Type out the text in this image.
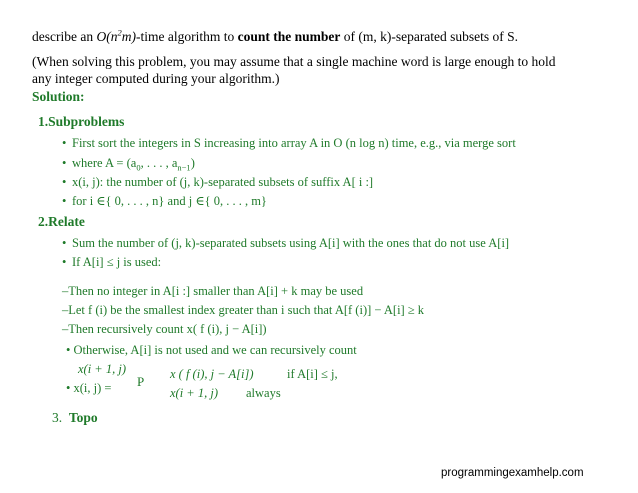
describe an $O(n^2m)$-time algorithm to count the number of (m, k)-separated subsets of S.
(When solving this problem, you may assume that a single machine word is large enough to hold
any integer computed during your algorithm.)
Solution:
1.Subproblems
• First sort the integers in S increasing into array A in O (n log n) time, e.g., via merge sort
• where $A = (a_0$, . . . , $a_{n-1}$)
• x(i, j): the number of (j, k)-separated subsets of suffix A[ i :]
• for i ∈{ 0, . . . , n} and j ∈{ 0, . . . , m}
2.Relate
• Sum the number of (j, k)-separated subsets using A[i] with the ones that do not use A[i]
• If A[i] ≤ j is used:
–Then no integer in A[i :] smaller than A[i] + k may be used
–Let f (i) be the smallest index greater than i such that A[f (i)] − A[i] ≥ k
–Then recursively count x( f (i), j − A[i])
• Otherwise, A[i] is not used and we can recursively count
x(i + 1, j)
• x(i, j) = P x ( f (i), j − A[i])	if A[i] ≤ j,
x(i + 1, j) always
3. Topo
programmingexamhelp.com
